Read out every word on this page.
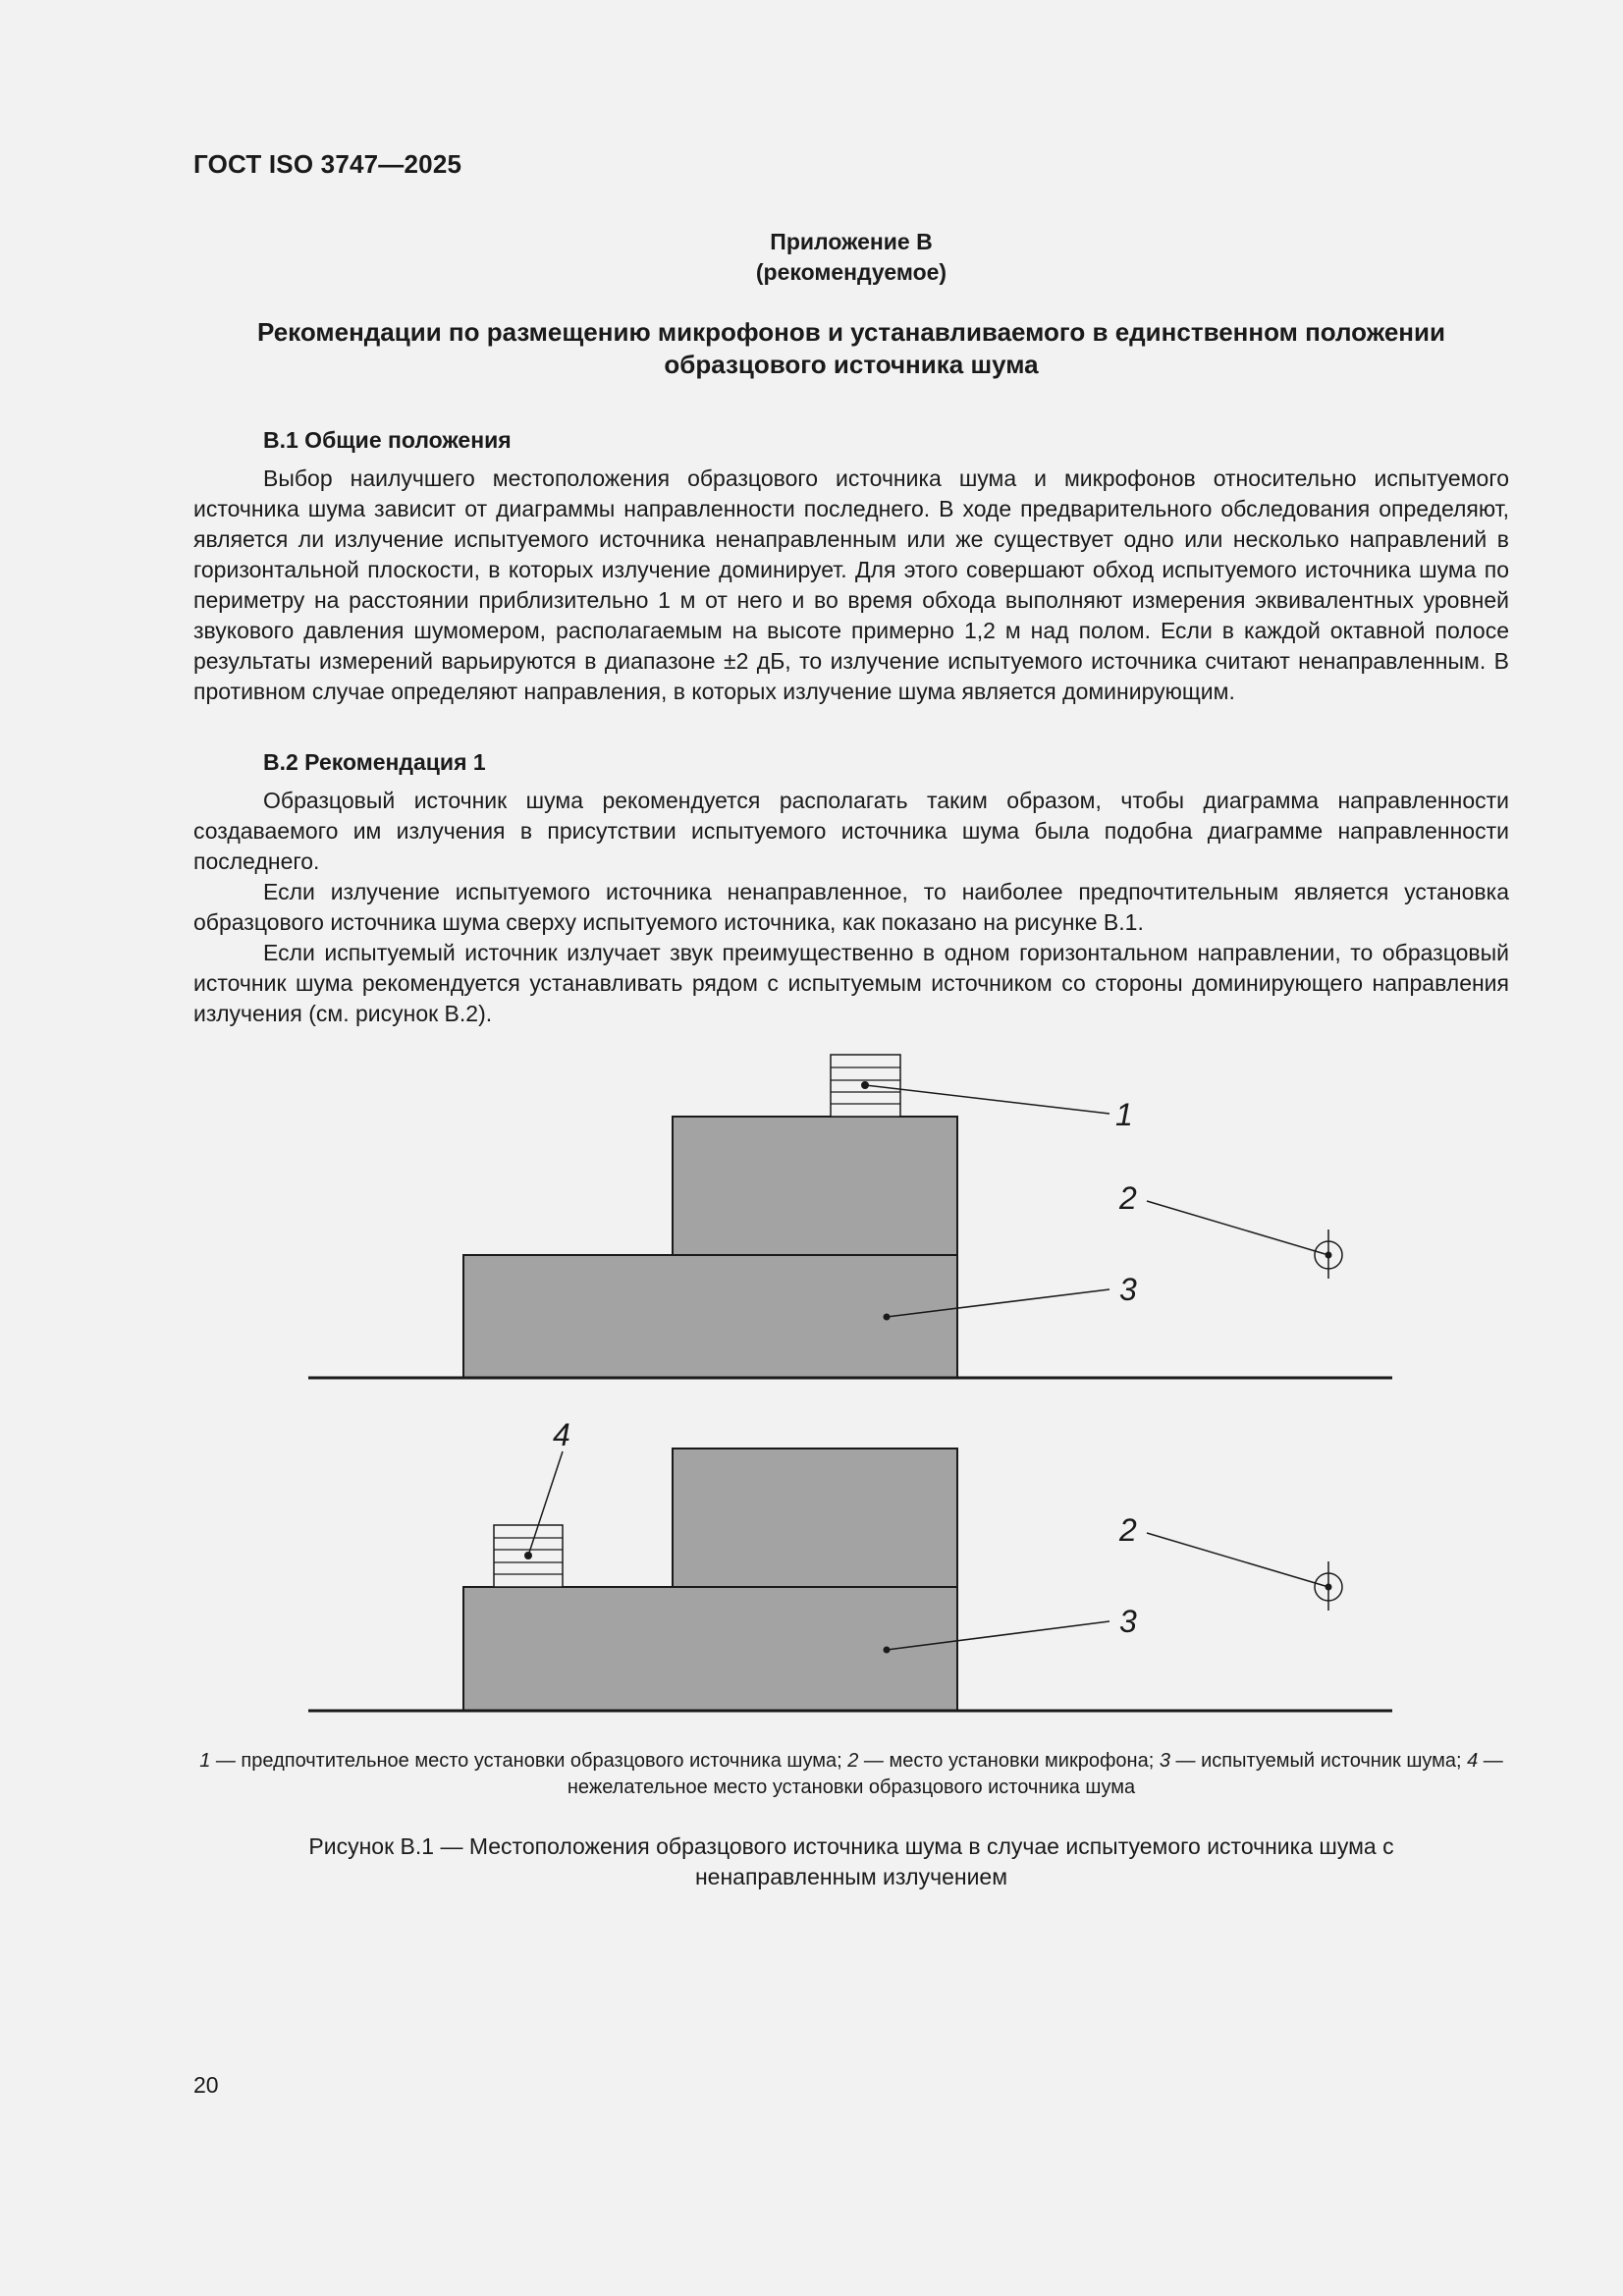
ГОСТ ISO 3747—2025
Приложение В
(рекомендуемое)
Рекомендации по размещению микрофонов и устанавливаемого в единственном положении
образцового источника шума
В.1 Общие положения

Выбор наилучшего местоположения образцового источника шума и микрофонов относительно испытуемого источника шума зависит от диаграммы направленности последнего. В ходе предварительного обследования определяют, является ли излучение испытуемого источника ненаправленным или же существует одно или несколько направлений в горизонтальной плоскости, в которых излучение доминирует. Для этого совершают обход испытуемого источника шума по периметру на расстоянии приблизительно 1 м от него и во время обхода выполняют измерения эквивалентных уровней звукового давления шумомером, располагаемым на высоте примерно 1,2 м над полом. Если в каждой октавной полосе результаты измерений варьируются в диапазоне ±2 дБ, то излучение испытуемого источника считают ненаправленным. В противном случае определяют направления, в которых излучение шума является доминирующим.

В.2 Рекомендация 1

Образцовый источник шума рекомендуется располагать таким образом, чтобы диаграмма направленности создаваемого им излучения в присутствии испытуемого источника шума была подобна диаграмме направленности последнего.

Если излучение испытуемого источника ненаправленное, то наиболее предпочтительным является установка образцового источника шума сверху испытуемого источника, как показано на рисунке В.1.

Если испытуемый источник излучает звук преимущественно в одном горизонтальном направлении, то образцовый источник шума рекомендуется устанавливать рядом с испытуемым источником со стороны доминирующего направления излучения (см. рисунок В.2).

1
2
3
4
2
3
1 — предпочтительное место установки образцового источника шума; 2 — место установки микрофона; 3 — испытуемый источник шума; 4 — нежелательное место установки образцового источника шума
Рисунок В.1 — Местоположения образцового источника шума в случае испытуемого источника шума с
ненаправленным излучением
20
